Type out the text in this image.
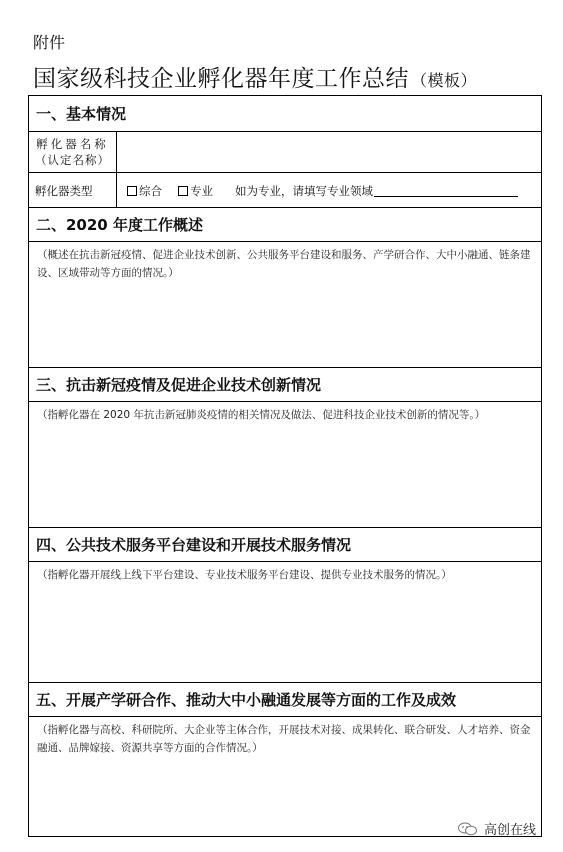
附件
国家级科技企业孵化器年度工作总结 （模板）
一、基本情况
孵化器名称
（认定名称）
孵化器类型	综合	专业 如为专业，请填写专业领域
二、2020 年度工作概述
（概述在抗击新冠疫情、促进企业技术创新、公共服务平台建设和服务、产学研合作、大中小融通、链条建设、区域带动等方面的情况。）
三、抗击新冠疫情及促进企业技术创新情况
（指孵化器在 2020 年抗击新冠肺炎疫情的相关情况及做法、促进科技企业技术创新的情况等。）
四、公共技术服务平台建设和开展技术服务情况
（指孵化器开展线上线下平台建设、专业技术服务平台建设、提供专业技术服务的情况。）
五、开展产学研合作、推动大中小融通发展等方面的工作及成效
（指孵化器与高校、科研院所、大企业等主体合作，开展技术对接、成果转化、联合研发、人才培养、资金融通、品牌嫁接、资源共享等方面的合作情况。）
高创在线
